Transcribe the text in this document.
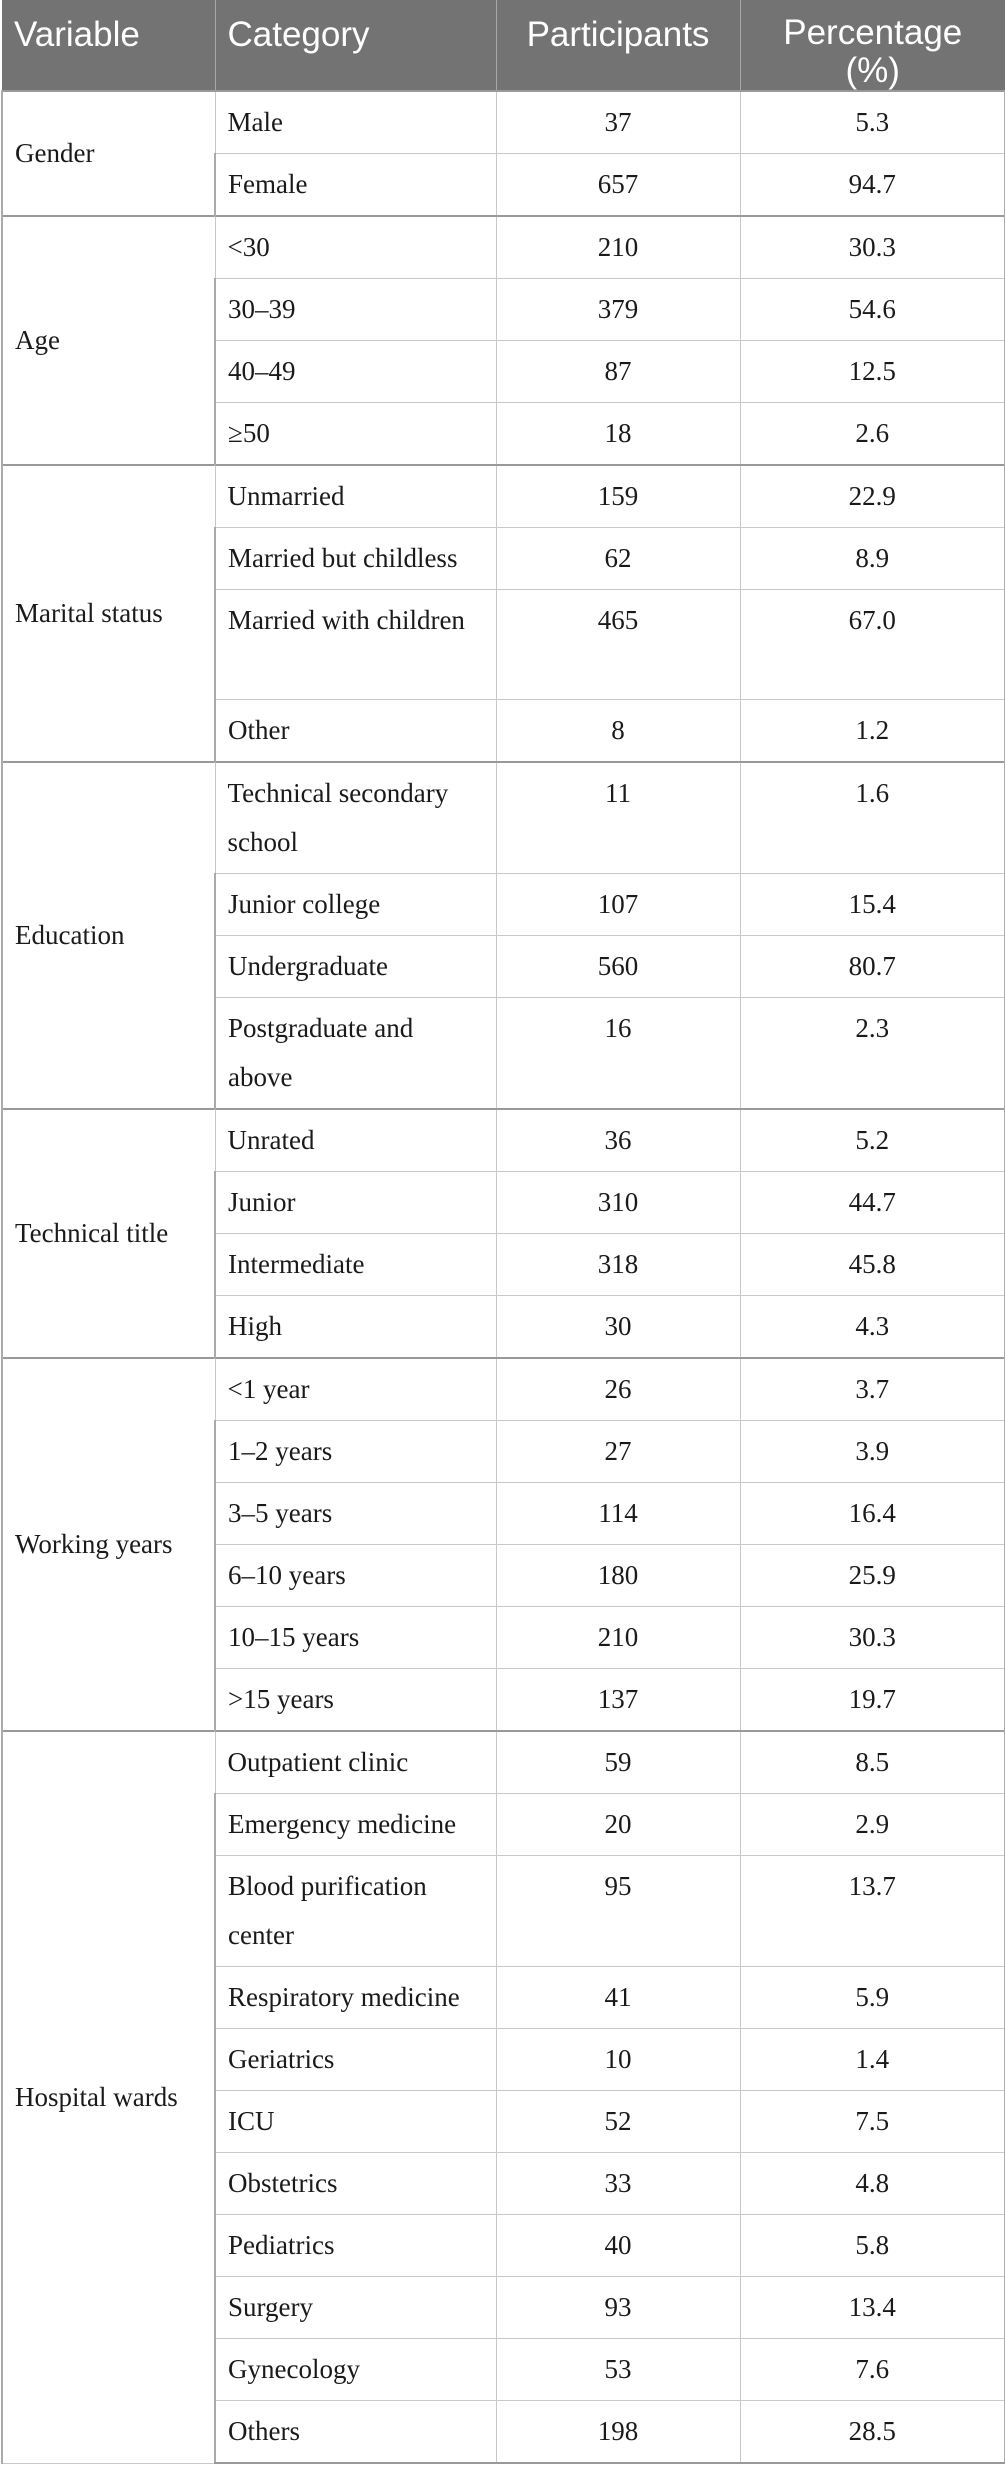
Variable	Category	Participants	Percentage
(%)
Gender	Male	37	5.3
	Female	657	94.7
Age	<30	210	30.3
	30–39	379	54.6
	40–49	87	12.5
	≥50	18	2.6
Marital status	Unmarried	159	22.9
	Married but childless	62	8.9
	Married with children	465	67.0
	Other	8	1.2
Education	Technical secondary school	11	1.6
	Junior college	107	15.4
	Undergraduate	560	80.7
	Postgraduate and above	16	2.3
Technical title	Unrated	36	5.2
	Junior	310	44.7
	Intermediate	318	45.8
	High	30	4.3
Working years	<1 year	26	3.7
	1–2 years	27	3.9
	3–5 years	114	16.4
	6–10 years	180	25.9
	10–15 years	210	30.3
	>15 years	137	19.7
Hospital wards	Outpatient clinic	59	8.5
	Emergency medicine	20	2.9
	Blood purification center	95	13.7
	Respiratory medicine	41	5.9
	Geriatrics	10	1.4
	ICU	52	7.5
	Obstetrics	33	4.8
	Pediatrics	40	5.8
	Surgery	93	13.4
	Gynecology	53	7.6
	Others	198	28.5
